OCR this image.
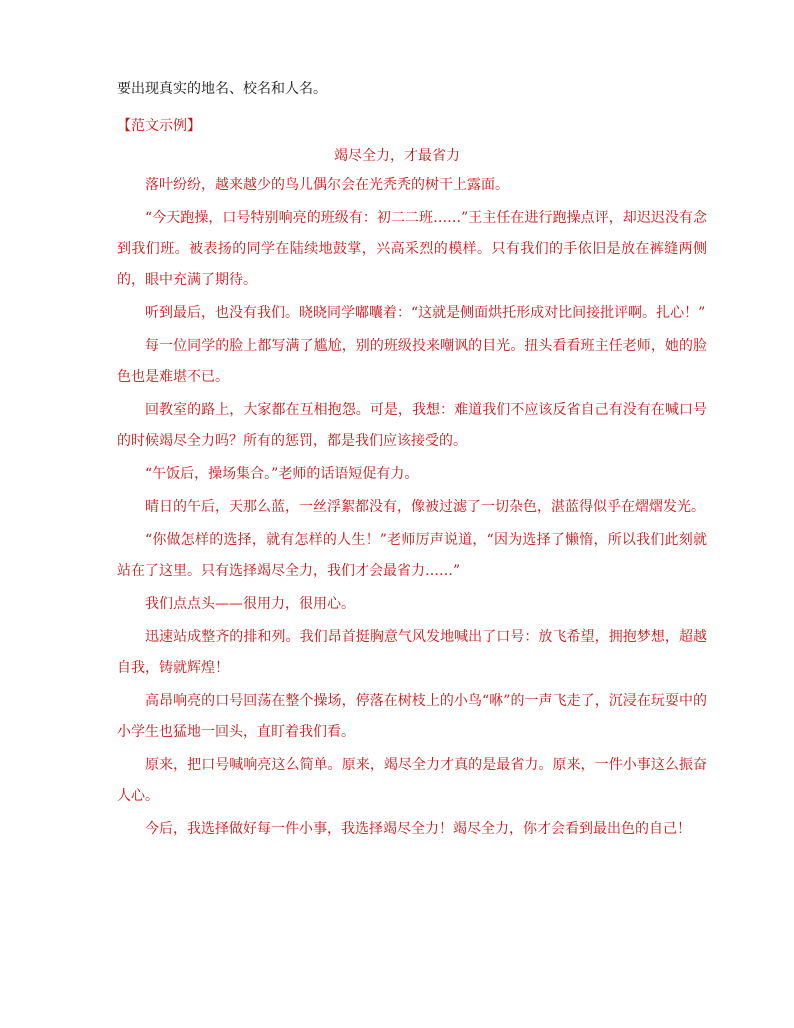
要出现真实的地名、校名和人名。
【范文示例】
竭尽全力，才最省力

落叶纷纷，越来越少的鸟儿偶尔会在光秃秃的树干上露面。

“今天跑操，口号特别响亮的班级有：初二二班……”王主任在进行跑操点评，却迟迟没有念到我们班。被表扬的同学在陆续地鼓掌，兴高采烈的模样。只有我们的手依旧是放在裤缝两侧的，眼中充满了期待。

听到最后，也没有我们。晓晓同学嘟囔着：“这就是侧面烘托形成对比间接批评啊。扎心！”

每一位同学的脸上都写满了尴尬，别的班级投来嘲讽的目光。扭头看看班主任老师，她的脸色也是难堪不已。

回教室的路上，大家都在互相抱怨。可是，我想：难道我们不应该反省自己有没有在喊口号的时候竭尽全力吗？所有的惩罚，都是我们应该接受的。

“午饭后，操场集合。”老师的话语短促有力。

晴日的午后，天那么蓝，一丝浮絮都没有，像被过滤了一切杂色，湛蓝得似乎在熠熠发光。

“你做怎样的选择，就有怎样的人生！”老师厉声说道，“因为选择了懒惰，所以我们此刻就站在了这里。只有选择竭尽全力，我们才会最省力……”

我们点点头——很用力，很用心。

迅速站成整齐的排和列。我们昂首挺胸意气风发地喊出了口号：放飞希望，拥抱梦想，超越自我，铸就辉煌！

高昂响亮的口号回荡在整个操场，停落在树枝上的小鸟“咻”的一声飞走了，沉浸在玩耍中的小学生也猛地一回头，直盯着我们看。

原来，把口号喊响亮这么简单。原来，竭尽全力才真的是最省力。原来，一件小事这么振奋人心。

今后，我选择做好每一件小事，我选择竭尽全力！竭尽全力，你才会看到最出色的自己！
